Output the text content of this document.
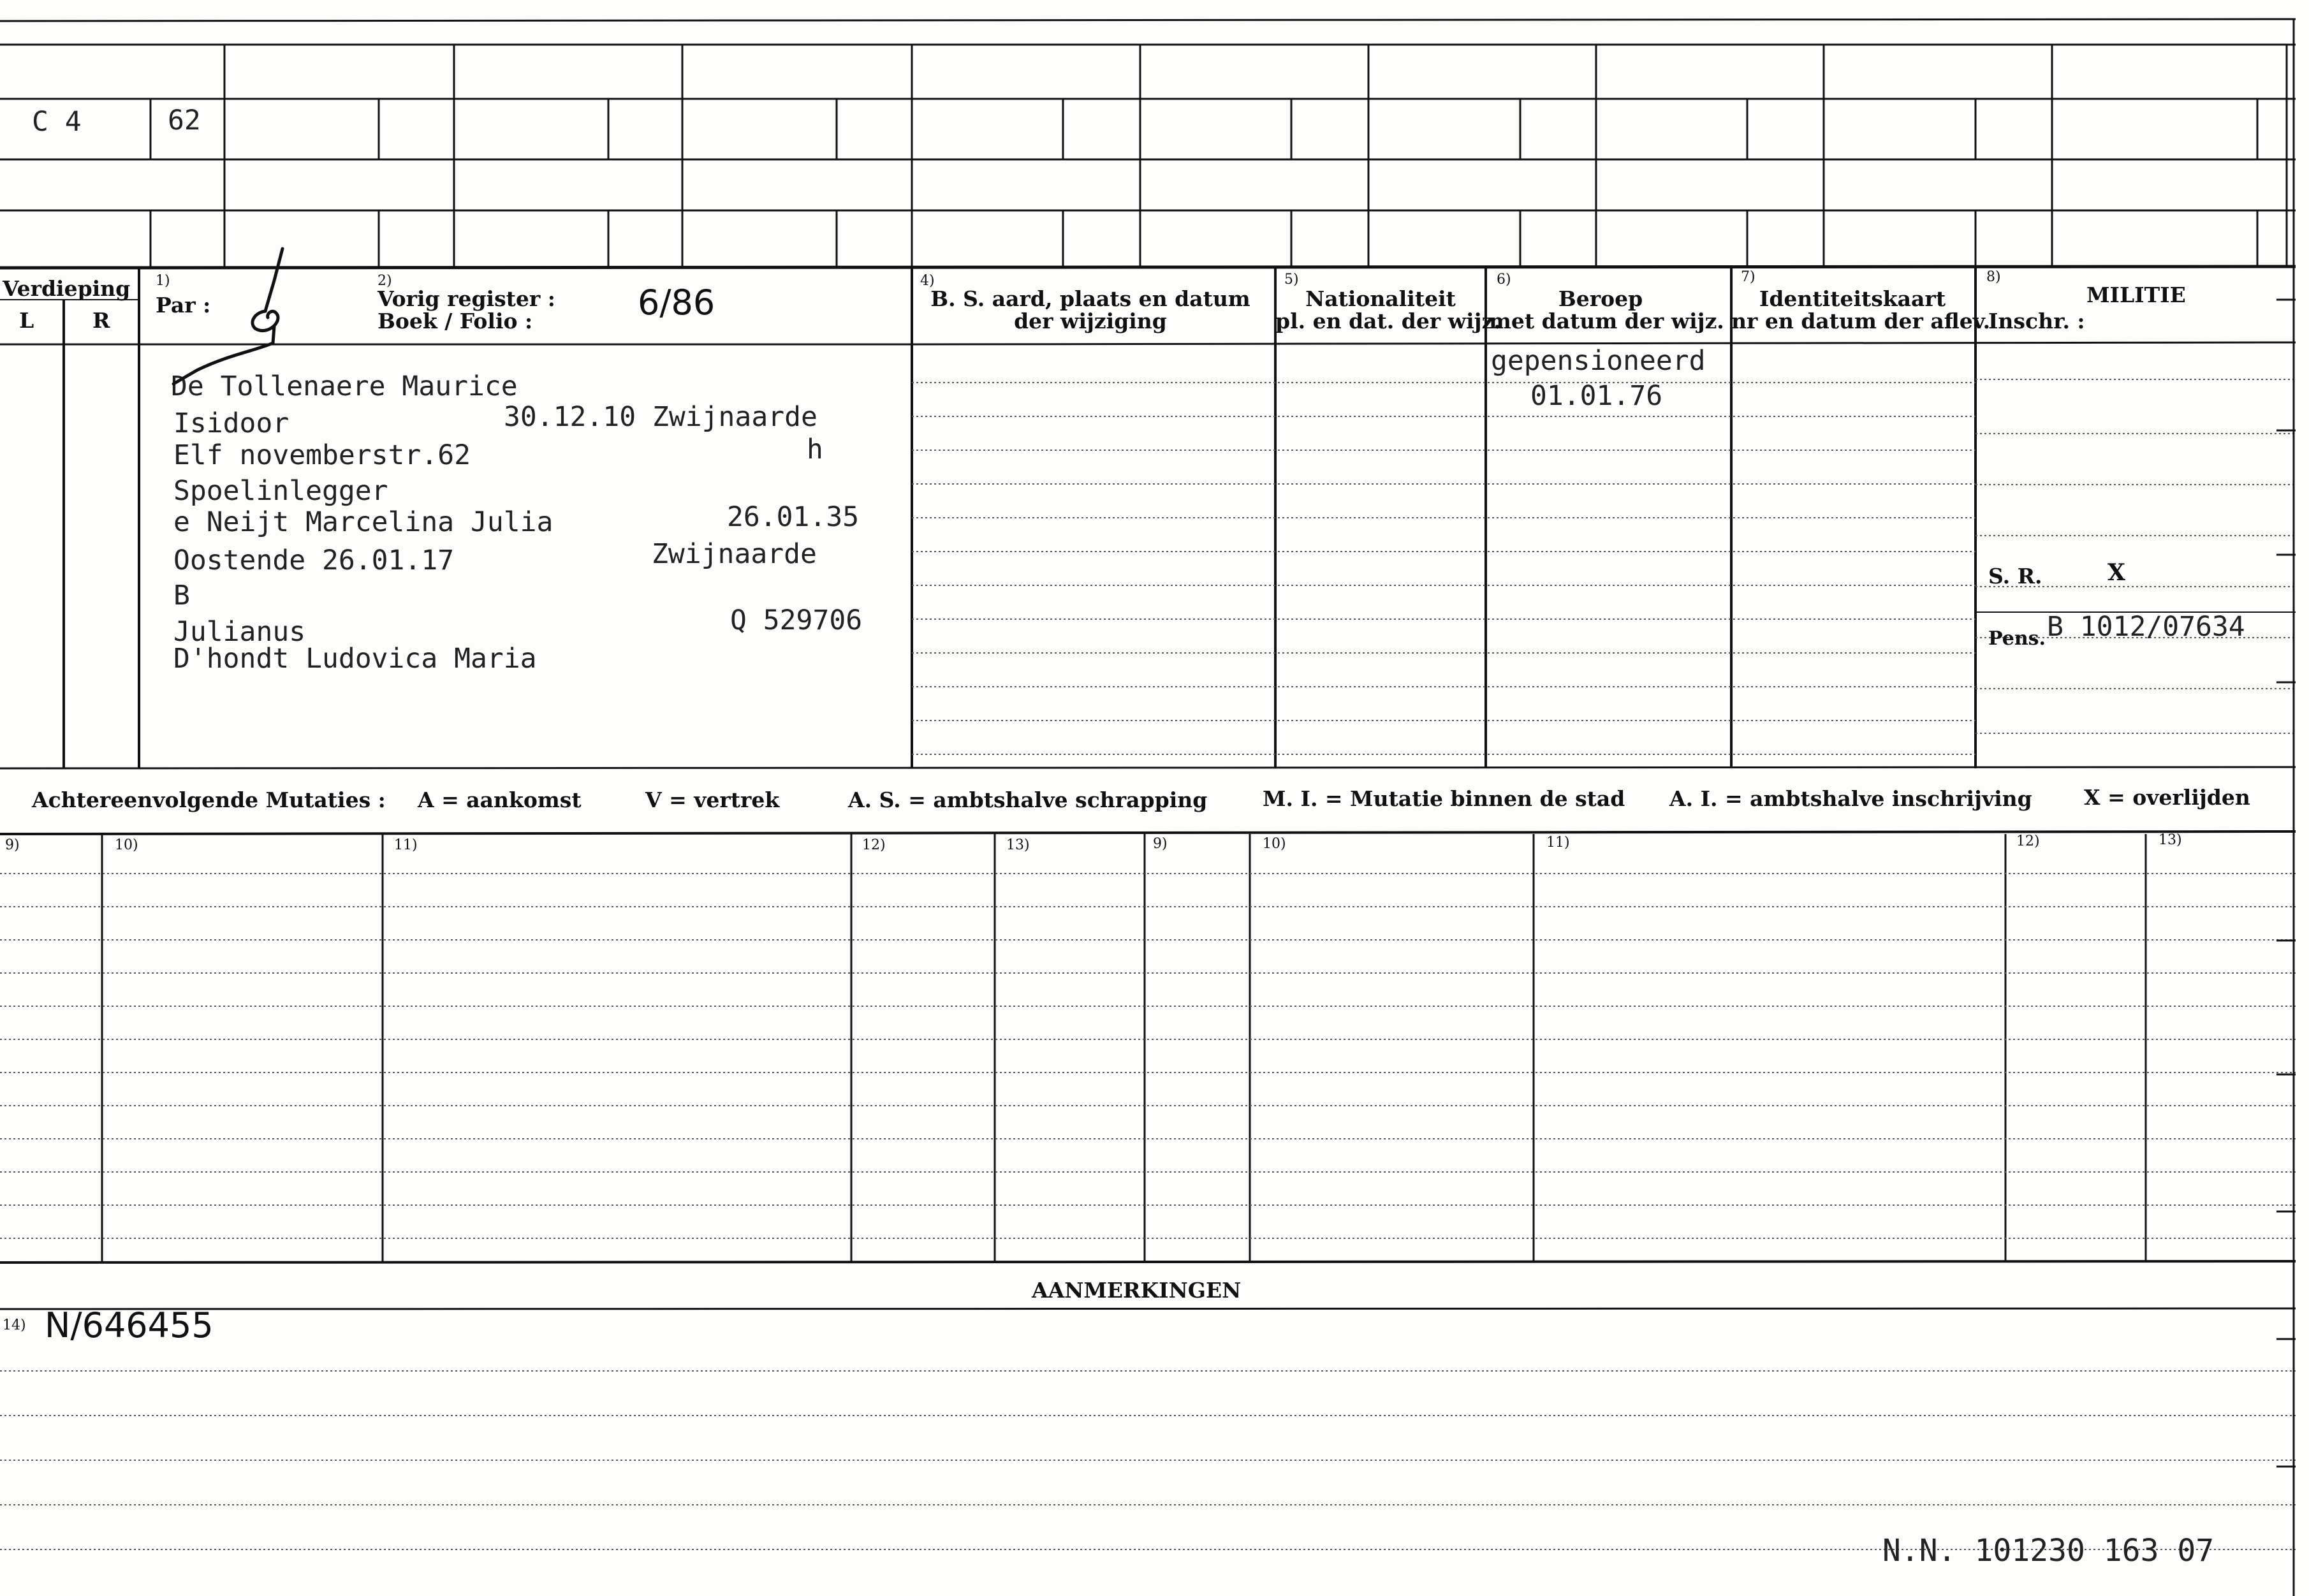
C 4	62
Verdieping
L	R
1)
Par :
2)
Vorig register :
Boek / Folio :	6/86
4)
B. S. aard, plaats en datum
der wijziging
5)
Nationaliteit
pl. en dat. der wijz.
6)
Beroep
met datum der wijz.
7)
Identiteitskaart
nr en datum der aflev.
8)
MILITIE
Inschr. :
De Tollenaere Maurice
Isidoor	30.12.10 Zwijnaarde
Elf novemberstr.62	h
Spoelinlegger
e Neijt Marcelina Julia	26.01.35
Oostende 26.01.17	Zwijnaarde
B
Julianus	Q 529706
D'hondt Ludovica Maria
gepensioneerd
01.01.76
S. R.	X
Pens. B 1012/07634
Achtereenvolgende Mutaties : A = aankomst	V = vertrek	A. S. = ambtshalve schrapping	M. I. = Mutatie binnen de stad A. I. = ambtshalve inschrijving X = overlijden
9)	10)	11)	12)	13)	9)	10)	11)	12)	13)
AANMERKINGEN
14) N/646455
N.N. 101230 163 07
